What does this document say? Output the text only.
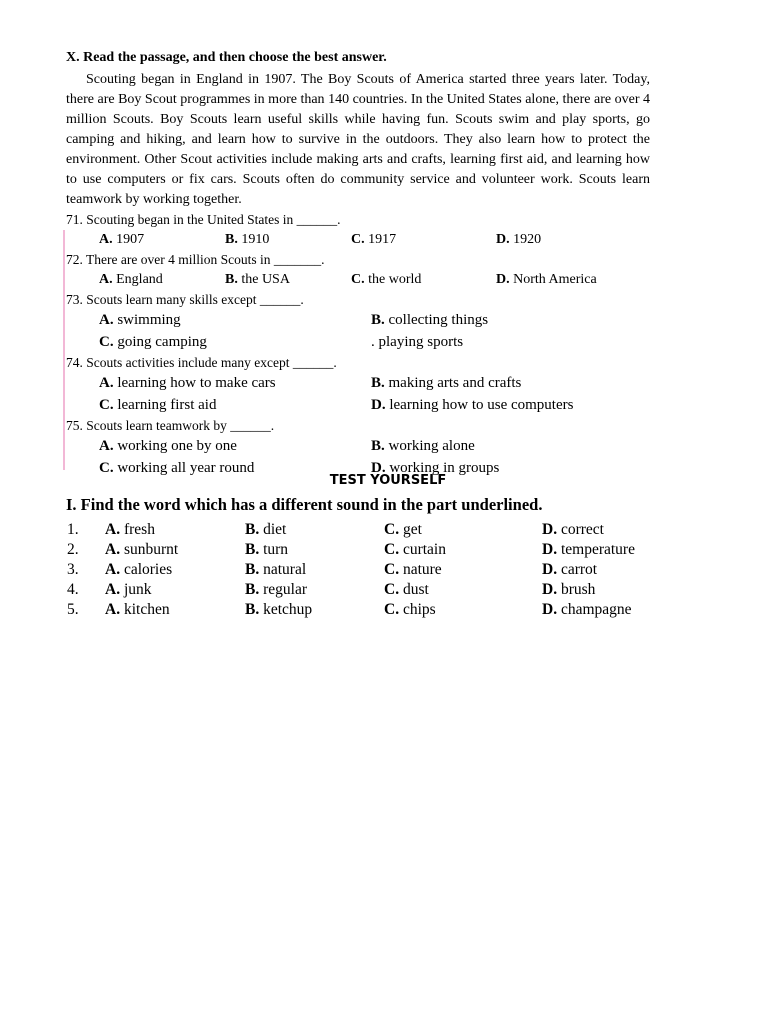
X. Read the passage, and then choose the best answer.

Scouting began in England in 1907. The Boy Scouts of America started three years later. Today, there are Boy Scout programmes in more than 140 countries. In the United States alone, there are over 4 million Scouts. Boy Scouts learn useful skills while having fun. Scouts swim and play sports, go camping and hiking, and learn how to survive in the outdoors. They also learn how to protect the environment. Other Scout activities include making arts and crafts, learning first aid, and learning how to use computers or fix cars. Scouts often do community service and volunteer work. Scouts learn teamwork by working together.

71. Scouting began in the United States in ______.

A. 1907	B. 1910	C. 1917	D. 1920

72. There are over 4 million Scouts in _______.

A. England	B. the USA	C. the world	D. North America

73. Scouts learn many skills except ______.

A. swimming	B. collecting things
C. going camping	. playing sports

74. Scouts activities include many except ______.

A. learning how to make cars	B. making arts and crafts
C. learning first aid	D. learning how to use computers

75. Scouts learn teamwork by ______.

A. working one by one	B. working alone
C. working all year round	D. working in groups
TEST YOURSELF

I. Find the word which has a different sound in the part underlined.

1.	A. fresh	B. diet	C. get	D. correct
2.	A. sunburnt	B. turn	C. curtain	D. temperature
3.	A. calories	B. natural	C. nature	D. carrot
4.	A. junk	B. regular	C. dust	D. brush
5.	A. kitchen	B. ketchup	C. chips	D. champagne
